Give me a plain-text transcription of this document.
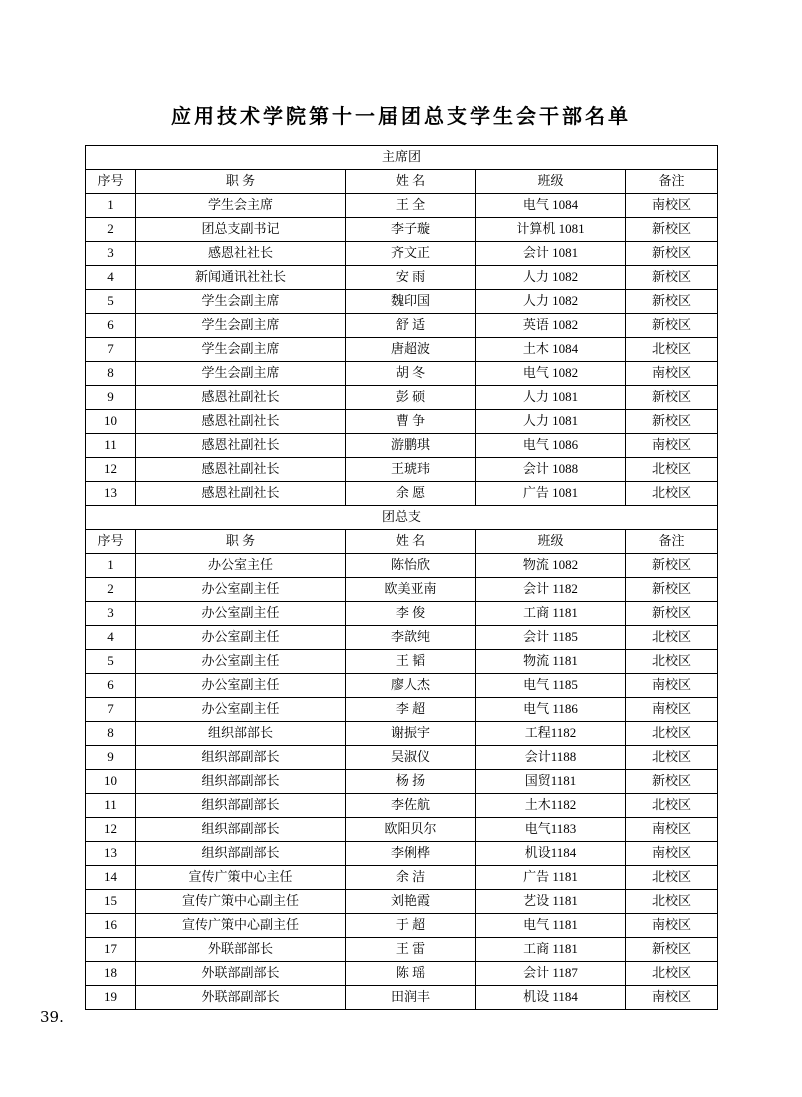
应用技术学院第十一届团总支学生会干部名单
主席团				
序号	职 务	姓 名	班级	备注
1	学生会主席	王 全	电气 1084	南校区
2	团总支副书记	李子璇	计算机 1081	新校区
3	感恩社社长	齐文正	会计 1081	新校区
4	新闻通讯社社长	安 雨	人力 1082	新校区
5	学生会副主席	魏印国	人力 1082	新校区
6	学生会副主席	舒 适	英语 1082	新校区
7	学生会副主席	唐超波	土木 1084	北校区
8	学生会副主席	胡 冬	电气 1082	南校区
9	感恩社副社长	彭 硕	人力 1081	新校区
10	感恩社副社长	曹 争	人力 1081	新校区
11	感恩社副社长	游鹏琪	电气 1086	南校区
12	感恩社副社长	王琥玮	会计 1088	北校区
13	感恩社副社长	余 愿	广告 1081	北校区
团总支				
序号	职 务	姓 名	班级	备注
1	办公室主任	陈怡欣	物流 1082	新校区
2	办公室副主任	欧美亚南	会计 1182	新校区
3	办公室副主任	李 俊	工商 1181	新校区
4	办公室副主任	李歆纯	会计 1185	北校区
5	办公室副主任	王 韬	物流 1181	北校区
6	办公室副主任	廖人杰	电气 1185	南校区
7	办公室副主任	李 超	电气 1186	南校区
8	组织部部长	谢振宇	工程1182	北校区
9	组织部副部长	吴淑仪	会计1188	北校区
10	组织部副部长	杨 扬	国贸1181	新校区
11	组织部副部长	李佐航	土木1182	北校区
12	组织部副部长	欧阳贝尔	电气1183	南校区
13	组织部副部长	李俐桦	机设1184	南校区
14	宣传广策中心主任	余 洁	广告 1181	北校区
15	宣传广策中心副主任	刘艳霞	艺设 1181	北校区
16	宣传广策中心副主任	于 超	电气 1181	南校区
17	外联部部长	王 雷	工商 1181	新校区
18	外联部副部长	陈 瑶	会计 1187	北校区
19	外联部副部长	田润丰	机设 1184	南校区
39.
